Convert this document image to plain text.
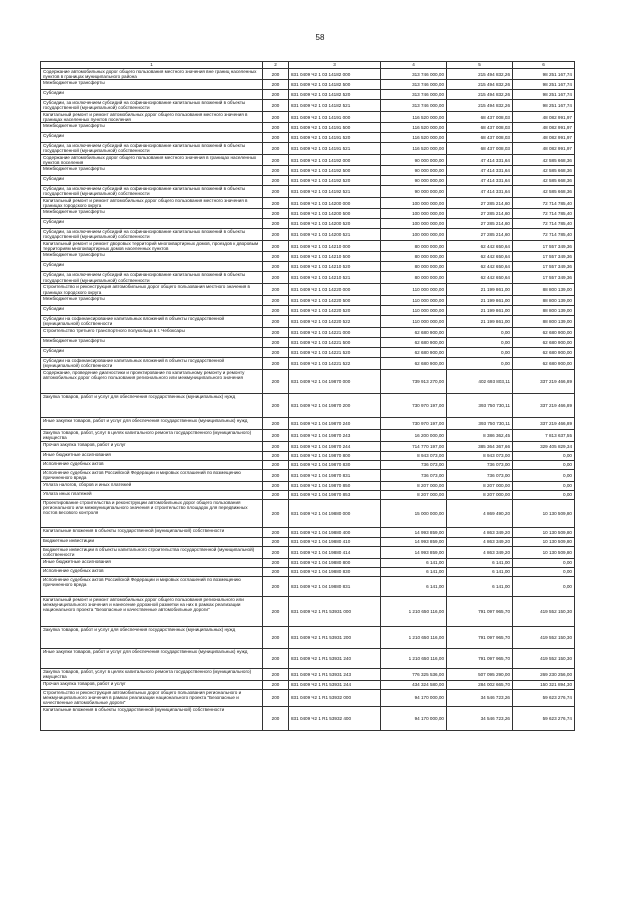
58
1	2	3	4	5	6
Содержание автомобильных дорог общего пользования местного значения вне границ населенных пунктов в границах муниципального района	200	831 0409 Ч2 1 03 14182 000	313 746 000,00	215 494 832,26	98 251 167,74
Межбюджетные трансферты	200	831 0409 Ч2 1 03 14182 500	313 746 000,00	215 494 832,26	98 251 167,74
Субсидии	200	831 0409 Ч2 1 03 14182 520	313 746 000,00	215 494 832,26	98 251 167,74
Субсидии, за исключением субсидий на софинансирование капитальных вложений в объекты государственной (муниципальной) собственности	200	831 0409 Ч2 1 03 14182 521	313 746 000,00	215 494 832,26	98 251 167,74
Капитальный ремонт и ремонт автомобильных дорог общего пользования местного значения в границах населенных пунктов поселения	200	831 0409 Ч2 1 03 14191 000	116 520 000,00	68 437 008,03	48 082 991,97
Межбюджетные трансферты	200	831 0409 Ч2 1 03 14191 500	116 520 000,00	68 437 008,03	48 082 991,97
Субсидии	200	831 0409 Ч2 1 03 14191 520	116 520 000,00	68 437 008,03	48 082 991,97
Субсидии, за исключением субсидий на софинансирование капитальных вложений в объекты государственной (муниципальной) собственности	200	831 0409 Ч2 1 03 14191 521	116 520 000,00	68 437 008,03	48 082 991,97
Содержание автомобильных дорог общего пользования местного значения в границах населенных пунктов поселения	200	831 0409 Ч2 1 03 14192 000	90 000 000,00	47 414 331,64	42 585 668,36
Межбюджетные трансферты	200	831 0409 Ч2 1 03 14192 500	90 000 000,00	47 414 331,64	42 585 668,36
Субсидии	200	831 0409 Ч2 1 03 14192 520	90 000 000,00	47 414 331,64	42 585 668,36
Субсидии, за исключением субсидий на софинансирование капитальных вложений в объекты государственной (муниципальной) собственности	200	831 0409 Ч2 1 03 14192 521	90 000 000,00	47 414 331,64	42 585 668,36
Капитальный ремонт и ремонт автомобильных дорог общего пользования местного значения в границах городского округа	200	831 0409 Ч2 1 03 14200 000	100 000 000,00	27 285 214,60	72 714 785,40
Межбюджетные трансферты	200	831 0409 Ч2 1 03 14200 500	100 000 000,00	27 285 214,60	72 714 785,40
Субсидии	200	831 0409 Ч2 1 03 14200 520	100 000 000,00	27 285 214,60	72 714 785,40
Субсидии, за исключением субсидий на софинансирование капитальных вложений в объекты государственной (муниципальной) собственности	200	831 0409 Ч2 1 03 14200 521	100 000 000,00	27 285 214,60	72 714 785,40
Капитальный ремонт и ремонт дворовых территорий многоквартирных домов, проездов к дворовым территориям многоквартирных домов населенных пунктов	200	831 0409 Ч2 1 03 14210 000	80 000 000,00	62 442 650,64	17 557 349,36
Межбюджетные трансферты	200	831 0409 Ч2 1 03 14210 500	80 000 000,00	62 442 650,64	17 557 349,36
Субсидии	200	831 0409 Ч2 1 03 14210 520	80 000 000,00	62 442 650,64	17 557 349,36
Субсидии, за исключением субсидий на софинансирование капитальных вложений в объекты государственной (муниципальной) собственности	200	831 0409 Ч2 1 03 14210 521	80 000 000,00	62 442 650,64	17 557 349,36
Строительство и реконструкция автомобильных дорог общего пользования местного значения в границах городского округа	200	831 0409 Ч2 1 03 14220 000	110 000 000,00	21 199 861,00	88 800 139,00
Межбюджетные трансферты	200	831 0409 Ч2 1 03 14220 500	110 000 000,00	21 199 861,00	88 800 139,00
Субсидии	200	831 0409 Ч2 1 03 14220 520	110 000 000,00	21 199 861,00	88 800 139,00
Субсидии на софинансирование капитальных вложений в объекты государственной (муниципальной) собственности	200	831 0409 Ч2 1 03 14220 522	110 000 000,00	21 199 861,00	88 800 139,00
Строительство третьего транспортного полукольца в г. Чебоксары	200	831 0409 Ч2 1 03 14221 000	62 680 900,00	0,00	62 680 900,00
Межбюджетные трансферты	200	831 0409 Ч2 1 03 14221 500	62 680 900,00	0,00	62 680 900,00
Субсидии	200	831 0409 Ч2 1 03 14221 520	62 680 900,00	0,00	62 680 900,00
Субсидии на софинансирование капитальных вложений в объекты государственной (муниципальной) собственности	200	831 0409 Ч2 1 03 14221 522	62 680 900,00	0,00	62 680 900,00
Содержание, проведение диагностики и проектирование по капитальному ремонту и ремонту автомобильных дорог общего пользования регионального или межмуниципального значения	200	831 0409 Ч2 1 04 19870 000	739 913 270,00	402 693 803,11	337 219 466,89
Закупка товаров, работ и услуг для обеспечения государственных (муниципальных) нужд	200	831 0409 Ч2 1 04 19870 200	730 970 197,00	393 750 730,11	337 219 466,89
Иные закупки товаров, работ и услуг для обеспечения государственных (муниципальных) нужд	200	831 0409 Ч2 1 04 19870 240	730 970 197,00	393 750 730,11	337 219 466,89
Закупка товаров, работ, услуг в целях капитального ремонта государственного (муниципального) имущества	200	831 0409 Ч2 1 04 19870 243	16 200 000,00	8 386 362,45	7 813 637,55
Прочая закупка товаров, работ и услуг	200	831 0409 Ч2 1 04 19870 244	714 770 197,00	385 364 367,66	329 405 829,34
Иные бюджетные ассигнования	200	831 0409 Ч2 1 04 19870 800	8 943 073,00	8 943 073,00	0,00
Исполнение судебных актов	200	831 0409 Ч2 1 04 19870 830	736 073,00	736 073,00	0,00
Исполнение судебных актов Российской Федерации и мировых соглашений по возмещению причиненного вреда	200	831 0409 Ч2 1 04 19870 831	736 073,00	736 073,00	0,00
Уплата налогов, сборов и иных платежей	200	831 0409 Ч2 1 04 19870 850	8 207 000,00	8 207 000,00	0,00
Уплата иных платежей	200	831 0409 Ч2 1 04 19870 853	8 207 000,00	8 207 000,00	0,00
Проектирование строительства и реконструкции автомобильных дорог общего пользования регионального или межмуниципального значения и строительство площадок для передвижных постов весового контроля	200	831 0409 Ч2 1 04 19880 000	15 000 000,00	4 869 490,20	10 130 509,80
Капитальные вложения в объекты государственной (муниципальной) собственности	200	831 0409 Ч2 1 04 19880 400	14 993 859,00	4 863 349,20	10 130 509,80
Бюджетные инвестиции	200	831 0409 Ч2 1 04 19880 410	14 993 859,00	4 863 349,20	10 130 509,80
Бюджетные инвестиции в объекты капитального строительства государственной (муниципальной) собственности	200	831 0409 Ч2 1 04 19880 414	14 993 859,00	4 863 349,20	10 130 509,80
Иные бюджетные ассигнования	200	831 0409 Ч2 1 04 19880 800	6 141,00	6 141,00	0,00
Исполнение судебных актов	200	831 0409 Ч2 1 04 19880 830	6 141,00	6 141,00	0,00
Исполнение судебных актов Российской Федерации и мировых соглашений по возмещению причиненного вреда	200	831 0409 Ч2 1 04 19880 831	6 141,00	6 141,00	0,00
Капитальный ремонт и ремонт автомобильных дорог общего пользования регионального или межмуниципального значения и нанесение дорожной разметки на них в рамках реализации национального проекта "Безопасные и качественные автомобильные дороги"	200	831 0409 Ч2 1 R1 53931 000	1 210 650 116,00	791 097 965,70	419 552 150,30
Закупка товаров, работ и услуг для обеспечения государственных (муниципальных) нужд	200	831 0409 Ч2 1 R1 53931 200	1 210 650 116,00	791 097 965,70	419 552 150,30
Иные закупки товаров, работ и услуг для обеспечения государственных (муниципальных) нужд	200	831 0409 Ч2 1 R1 53931 240	1 210 650 116,00	791 097 965,70	419 552 150,30
Закупка товаров, работ, услуг в целях капитального ремонта государственного (муниципального) имущества	200	831 0409 Ч2 1 R1 53931 243	776 325 536,00	507 095 290,00	269 230 256,00
Прочая закупка товаров, работ и услуг	200	831 0409 Ч2 1 R1 53931 244	434 324 580,00	284 002 665,70	150 321 894,30
Строительство и реконструкция автомобильных дорог общего пользования регионального и межмуниципального значения в рамках реализации национального проекта "Безопасные и качественные автомобильные дороги"	200	831 0409 Ч2 1 R1 53932 000	94 170 000,00	34 546 723,26	59 623 276,74
Капитальные вложения в объекты государственной (муниципальной) собственности	200	831 0409 Ч2 1 R1 53932 400	94 170 000,00	34 546 723,26	59 623 276,74
